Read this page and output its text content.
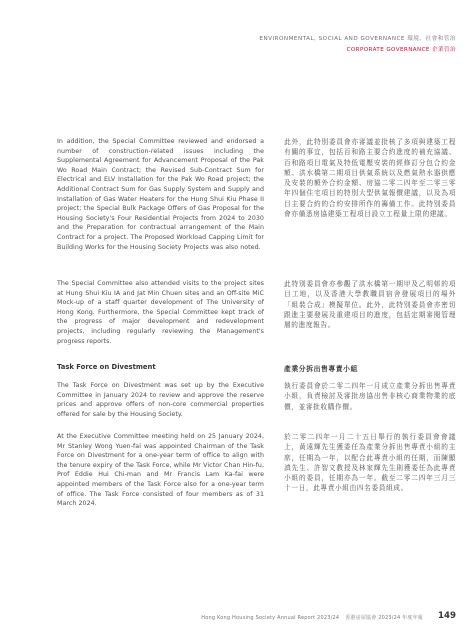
ENVIRONMENTAL, SOCIAL AND GOVERNANCE 環境、社會和管治
CORPORATE GOVERNANCE 企業管治
In addition, the Special Committee reviewed and endorsed a number of construction-related issues including the Supplemental Agreement for Advancement Proposal of the Pak Wo Road Main Contract; the Revised Sub-Contract Sum for Electrical and ELV Installation for the Pak Wo Road project; the Additional Contract Sum for Gas Supply System and Supply and Installation of Gas Water Heaters for the Hung Shui Kiu Phase II project; the Special Bulk Package Offers of Gas Proposal for the Housing Society's Four Residential Projects from 2024 to 2030 and the Preparation for contractual arrangement of the Main Contract for a project. The Proposed Workload Capping Limit for Building Works for the Housing Society Projects was also noted.
此外，此特別委員會亦審議並批核了多項與建築工程有關的事宜，包括百和路主要合約進度的補充協議、百和路項目電氣及特低電壓安裝的經修訂分包合約金額、洪水橋第二期項目供氣系統以及燃氣熱水器供應及安裝的額外合約金額、房協二零二四年至二零三零年四個住宅項目的特別大型供氣報價建議，以及為項目主要合約的合約安排所作的籌備工作。此特別委員會亦備悉房協建築工程項目設立工程量上限的建議。
The Special Committee also attended visits to the project sites at Hung Shui Kiu IA and Jat Min Chuen sites and an Off-site MiC Mock-up of a staff quarter development of The University of Hong Kong. Furthermore, the Special Committee kept track of the progress of major development and redevelopment projects, including regularly reviewing the Management's progress reports.
此特別委員會亦參觀了洪水橋第一期甲及乙明邨的項目工地，以及香港大學教職員宿舍發展項目的場外「組裝合成」模擬單位。此外，此特別委員會亦密切跟進主要發展及重建項目的進度，包括定期審閱管理層的進度報告。
Task Force on Divestment	產業分拆出售專責小組
The Task Force on Divestment was set up by the Executive Committee in January 2024 to review and approve the reserve prices and approve offers of non-core commercial properties offered for sale by the Housing Society.
執行委員會於二零二四年一月成立產業分拆出售專責小組，負責檢討及審批房協出售非核心商業物業的底價，並審批收購作價。
At the Executive Committee meeting held on 25 January 2024, Mr Stanley Wong Yuen-fai was appointed Chairman of the Task Force on Divestment for a one-year term of office to align with the tenure expiry of the Task Force, while Mr Victor Chan Hin-fu, Prof Eddie Hui Chi-man and Mr Francis Lam Ka-fai were appointed members of the Task Force also for a one-year term of office. The Task Force consisted of four members as of 31 March 2024.
於二零二四年一月二十五日舉行的執行委員會會議上，黃遠輝先生獲委任為產業分拆出售專責小組的主席，任期為一年，以配合此專責小組的任期，而陳顯滇先生、許智文教授及林家輝先生則獲委任為此專責小組的委員，任期亦為一年。截至二零二四年三月三十一日，此專責小組由四名委員組成。
Hong Kong Housing Society Annual Report 2023/24 香港房屋協會 2023/24 年度年報 149
